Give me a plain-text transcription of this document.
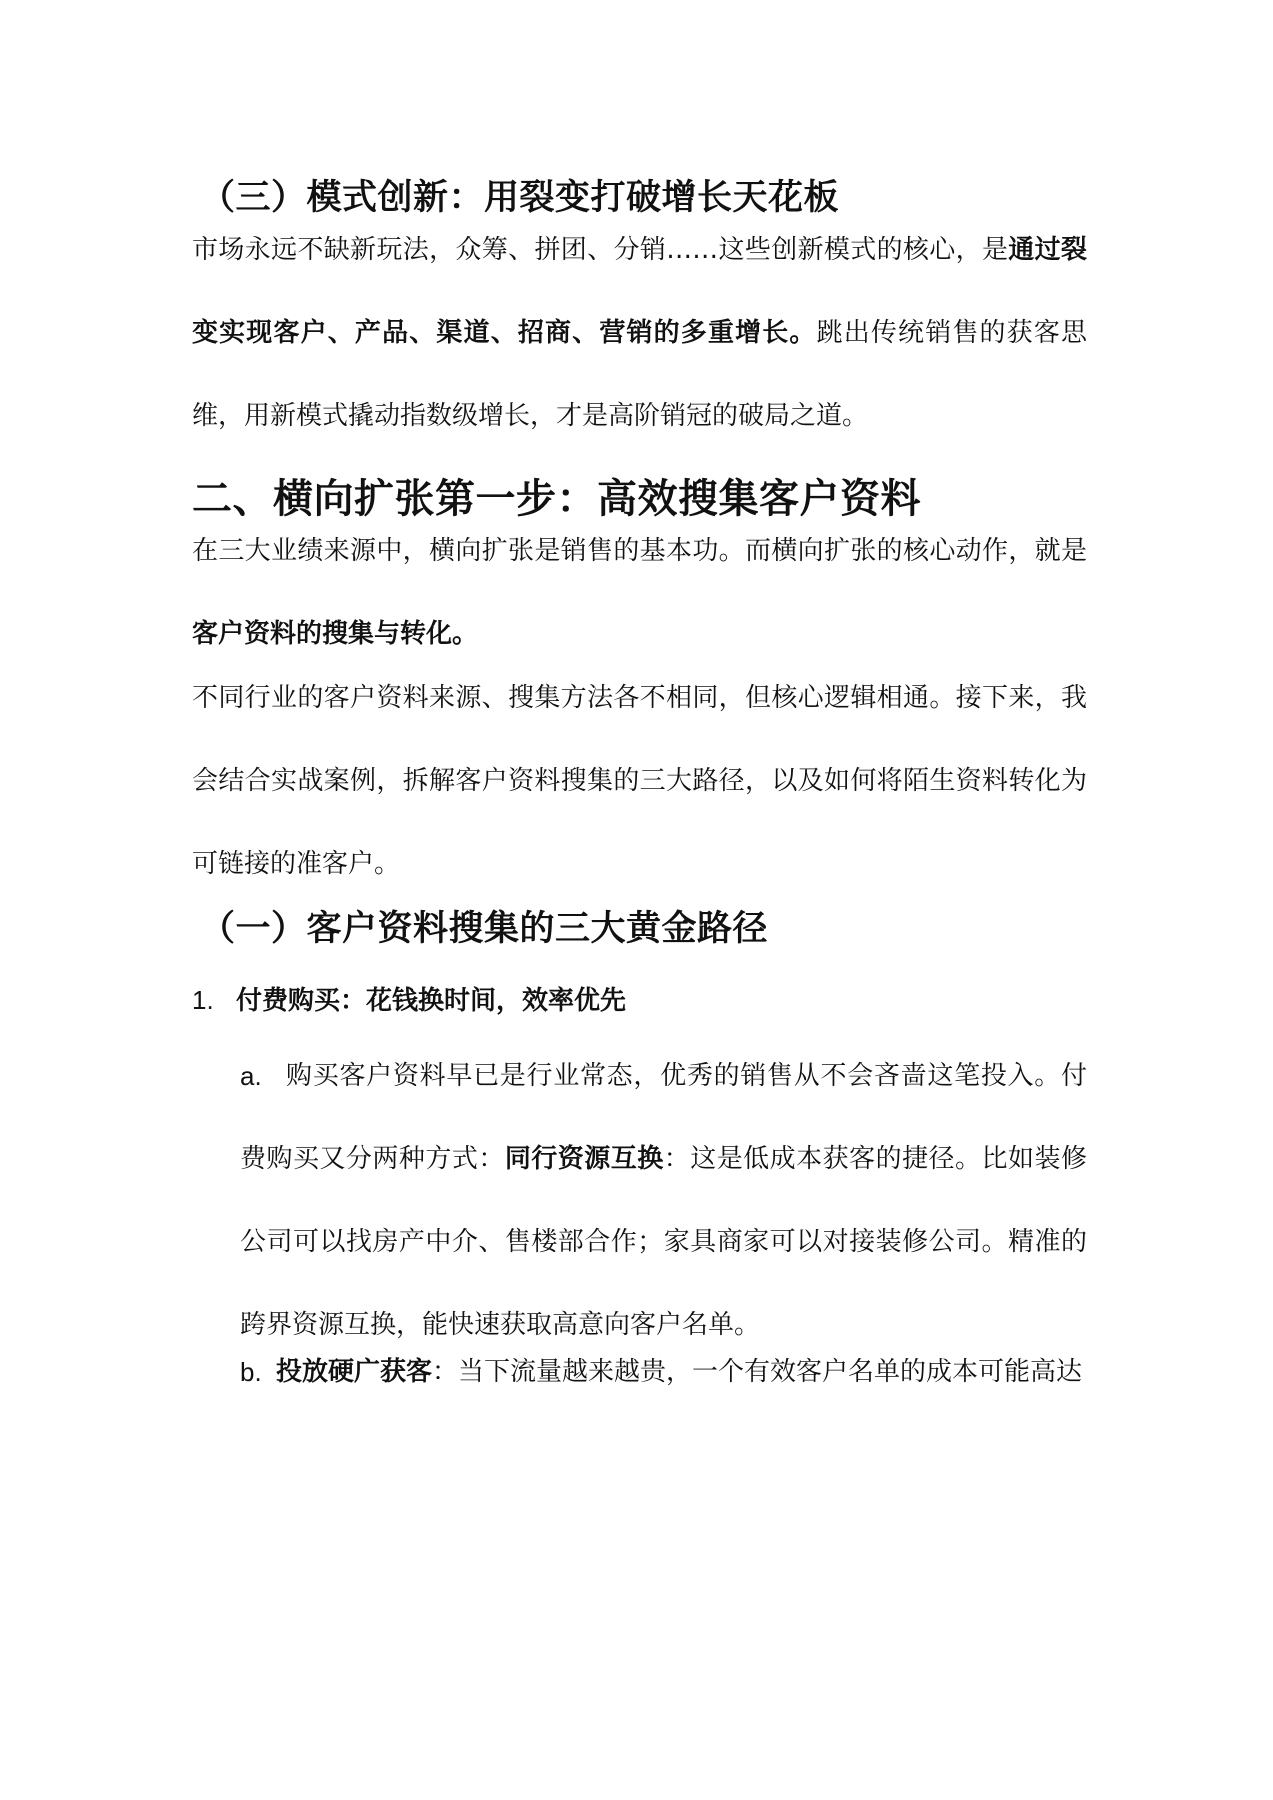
（三）模式创新：用裂变打破增长天花板

市场永远不缺新玩法，众筹、拼团、分销……这些创新模式的核心，是通过裂变实现客户、产品、渠道、招商、营销的多重增长。跳出传统销售的获客思维，用新模式撬动指数级增长，才是高阶销冠的破局之道。

二、横向扩张第一步：高效搜集客户资料

在三大业绩来源中，横向扩张是销售的基本功。而横向扩张的核心动作，就是客户资料的搜集与转化。

不同行业的客户资料来源、搜集方法各不相同，但核心逻辑相通。接下来，我会结合实战案例，拆解客户资料搜集的三大路径，以及如何将陌生资料转化为可链接的准客户。

（一）客户资料搜集的三大黄金路径
1. 付费购买：花钱换时间，效率优先
a. 购买客户资料早已是行业常态，优秀的销售从不会吝啬这笔投入。付费购买又分两种方式：同行资源互换：这是低成本获客的捷径。比如装修公司可以找房产中介、售楼部合作；家具商家可以对接装修公司。精准的跨界资源互换，能快速获取高意向客户名单。
b. 投放硬广获客：当下流量越来越贵，一个有效客户名单的成本可能高达
